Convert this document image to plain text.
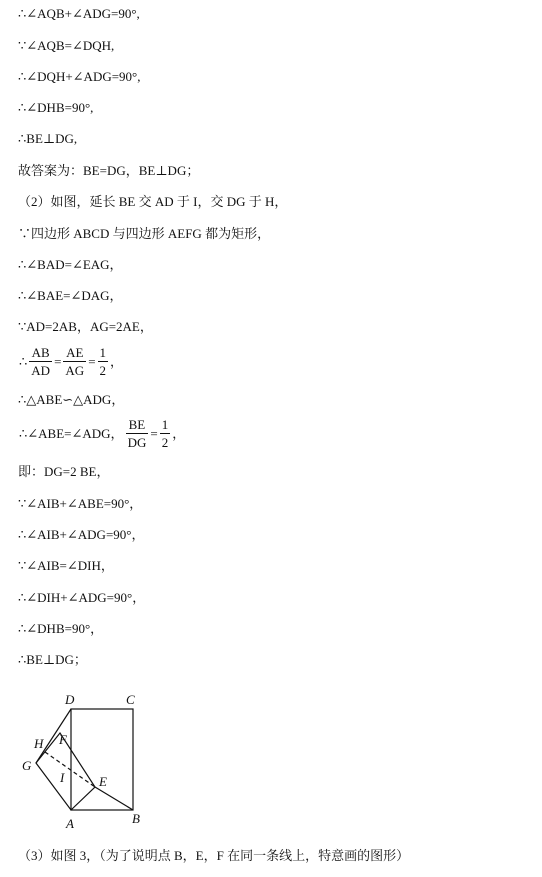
∴∠AQB+∠ADG=90°,
∵∠AQB=∠DQH,
∴∠DQH+∠ADG=90°,
∴∠DHB=90°,
∴BE⊥DG,
故答案为：BE=DG，BE⊥DG；
（2）如图，延长 BE 交 AD 于 I，交 DG 于 H，
∵四边形 ABCD 与四边形 AEFG 都为矩形，
∴∠BAD=∠EAG，
∴∠BAE=∠DAG，
∵AD=2AB，AG=2AE，
∴ $\frac{AB}{AD} = \frac{AE}{AG} = \frac{1}{2}$ ，
∴△ABE∽△ADG，
∴∠ABE=∠ADG， $\frac{BE}{DG} = \frac{1}{2}$ ，
即：DG=2 BE，
∵∠AIB+∠ABE=90°，
∴∠AIB+∠ADG=90°，
∵∠AIB=∠DIH，
∴∠DIH+∠ADG=90°，
∴∠DHB=90°，
∴BE⊥DG；
D	C
H F
G
I	E
A	B
（3）如图 3，（为了说明点 B，E，F 在同一条线上，特意画的图形）
